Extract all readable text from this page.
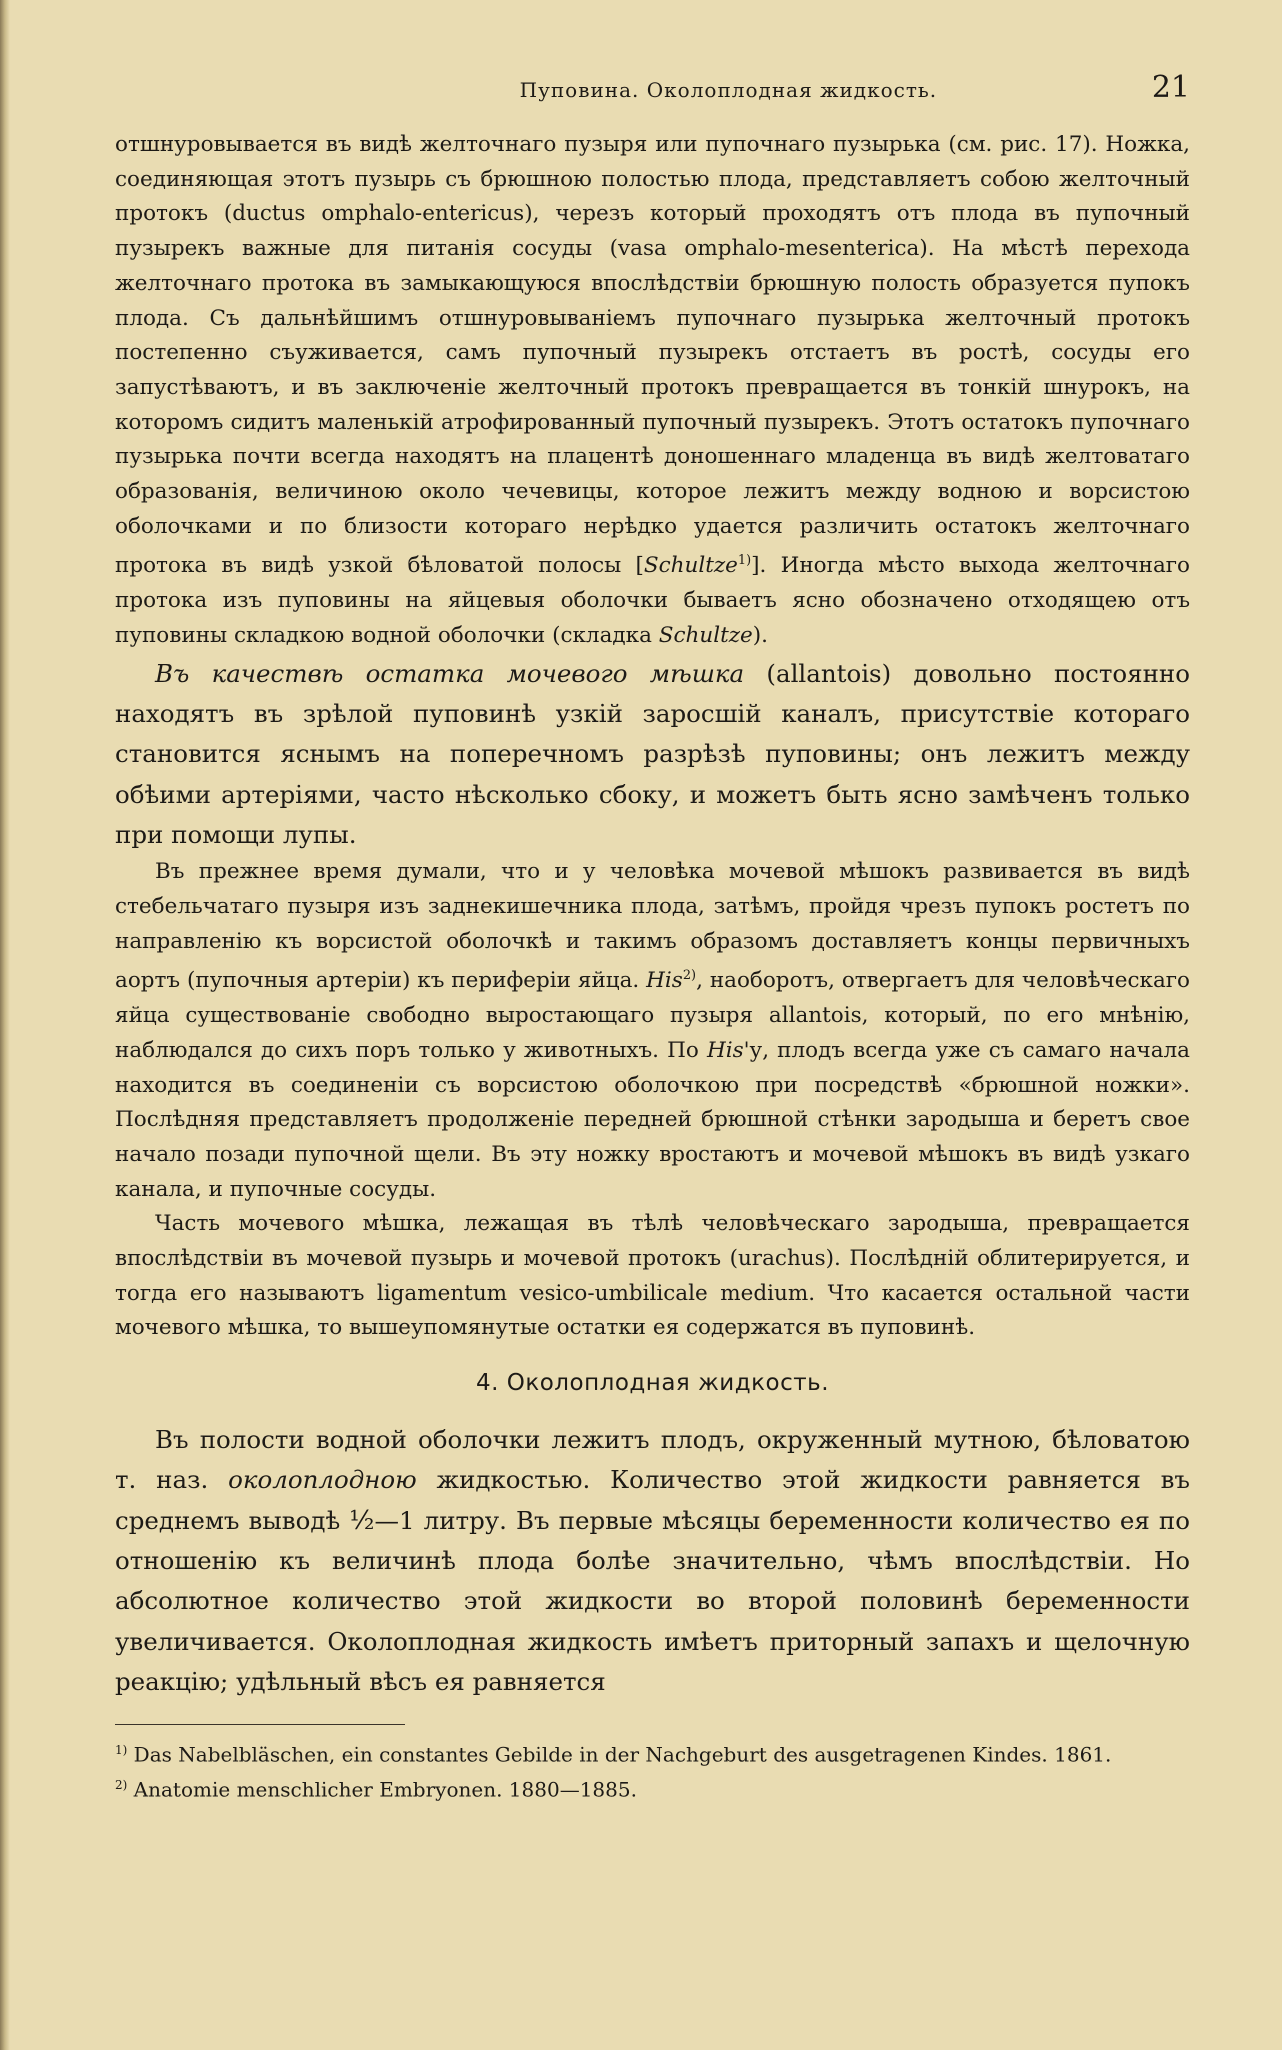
Пуповина. Околоплодная жидкость.	21

отшнуровывается въ видѣ желточнаго пузыря или пупочнаго пузырька (см. рис. 17). Ножка, соединяющая этотъ пузырь съ брюшною полостью плода, представляетъ собою желточный протокъ (ductus omphalo-entericus), черезъ который проходятъ отъ плода въ пупочный пузырекъ важные для питанія сосуды (vasa omphalo-mesenterica). На мѣстѣ перехода желточнаго протока въ замыкающуюся впослѣдствіи брюшную полость образуется пупокъ плода. Съ дальнѣйшимъ отшнуровываніемъ пупочнаго пузырька желточный протокъ постепенно съуживается, самъ пупочный пузырекъ отстаетъ въ ростѣ, сосуды его запустѣваютъ, и въ заключеніе желточный протокъ превращается въ тонкій шнурокъ, на которомъ сидитъ маленькій атрофированный пупочный пузырекъ. Этотъ остатокъ пупочнаго пузырька почти всегда находятъ на плацентѣ доношеннаго младенца въ видѣ желтоватаго образованія, величиною около чечевицы, которое лежитъ между водною и ворсистою оболочками и по близости котораго нерѣдко удается различить остатокъ желточнаго протока въ видѣ узкой бѣловатой полосы [Schultze$^{1)}$]. Иногда мѣсто выхода желточнаго протока изъ пуповины на яйцевыя оболочки бываетъ ясно обозначено отходящею отъ пуповины складкою водной оболочки (складка Schultze).

Въ качествѣ остатка мочевого мѣшка (allantois) довольно постоянно находятъ въ зрѣлой пуповинѣ узкій заросшій каналъ, присутствіе котораго становится яснымъ на поперечномъ разрѣзѣ пуповины; онъ лежитъ между обѣими артеріями, часто нѣсколько сбоку, и можетъ быть ясно замѣченъ только при помощи лупы.

Въ прежнее время думали, что и у человѣка мочевой мѣшокъ развивается въ видѣ стебельчатаго пузыря изъ заднекишечника плода, затѣмъ, пройдя чрезъ пупокъ ростетъ по направленію къ ворсистой оболочкѣ и такимъ образомъ доставляетъ концы первичныхъ аортъ (пупочныя артеріи) къ периферіи яйца. His$^{2)}$, наоборотъ, отвергаетъ для человѣческаго яйца существованіе свободно выростающаго пузыря allantois, который, по его мнѣнію, наблюдался до сихъ поръ только у животныхъ. По His'у, плодъ всегда уже съ самаго начала находится въ соединеніи съ ворсистою оболочкою при посредствѣ «брюшной ножки». Послѣдняя представляетъ продолженіе передней брюшной стѣнки зародыша и беретъ свое начало позади пупочной щели. Въ эту ножку вростаютъ и мочевой мѣшокъ въ видѣ узкаго канала, и пупочные сосуды.

Часть мочевого мѣшка, лежащая въ тѣлѣ человѣческаго зародыша, превращается впослѣдствіи въ мочевой пузырь и мочевой протокъ (urachus). Послѣдній облитерируется, и тогда его называютъ ligamentum vesico-umbilicale medium. Что касается остальной части мочевого мѣшка, то вышеупомянутые остатки ея содержатся въ пуповинѣ.

4. Околоплодная жидкость.

Въ полости водной оболочки лежитъ плодъ, окруженный мутною, бѣловатою т. наз. околоплодною жидкостью. Количество этой жидкости равняется въ среднемъ выводѣ ½—1 литру. Въ первые мѣсяцы беременности количество ея по отношенію къ величинѣ плода болѣе значительно, чѣмъ впослѣдствіи. Но абсолютное количество этой жидкости во второй половинѣ беременности увеличивается. Околоплодная жидкость имѣетъ приторный запахъ и щелочную реакцію; удѣльный вѣсъ ея равняется

$^{1)}$ Das Nabelbläschen, ein constantes Gebilde in der Nachgeburt des ausgetragenen Kindes. 1861.

$^{2)}$ Anatomie menschlicher Embryonen. 1880—1885.
